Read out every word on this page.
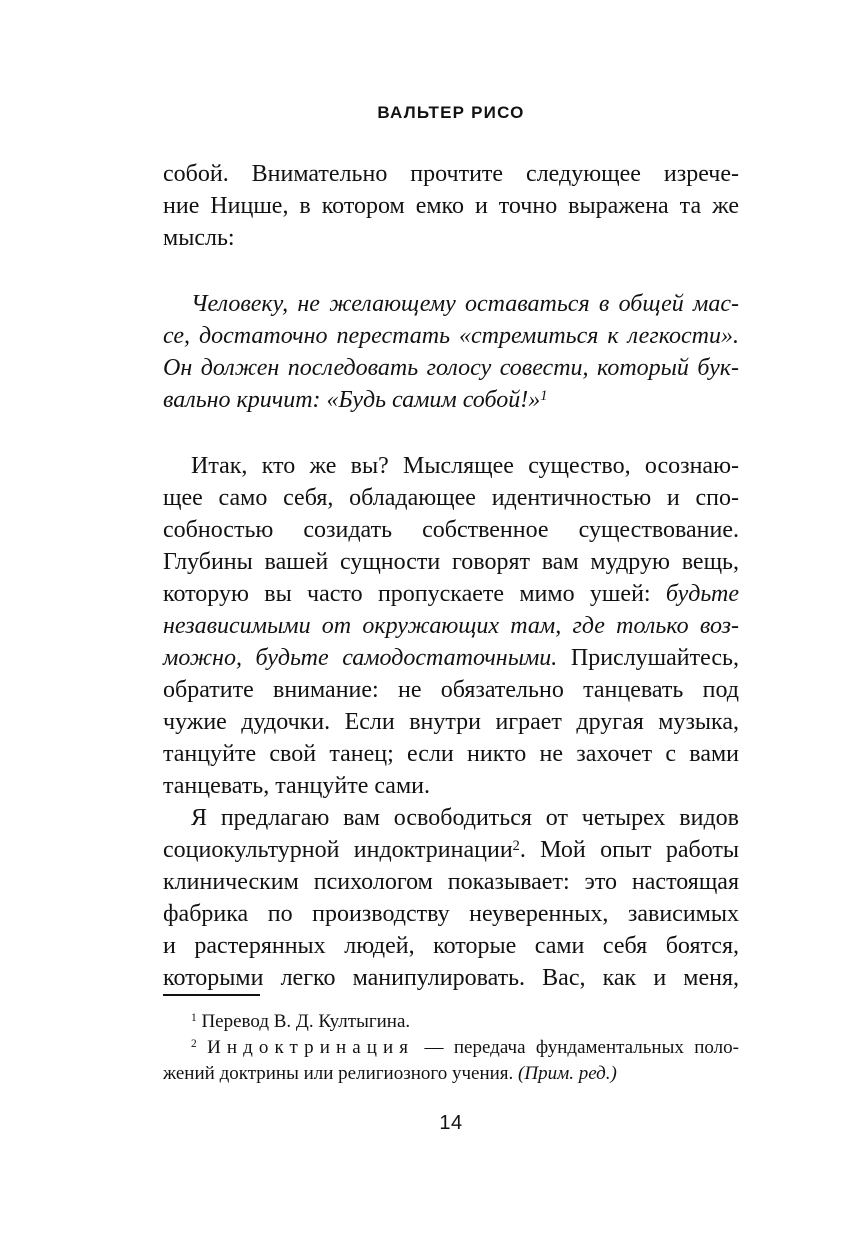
ВАЛЬТЕР РИСО
собой. Внимательно прочтите следующее изрече-
ние Ницше, в котором емко и точно выражена та же
мысль:
Человеку, не желающему оставаться в общей мас-
се, достаточно перестать «стремиться к легкости».
Он должен последовать голосу совести, который бук-
вально кричит: «Будь самим собой!»$^1$
Итак, кто же вы? Мыслящее существо, осознаю-
щее само себя, обладающее идентичностью и спо-
собностью созидать собственное существование.
Глубины вашей сущности говорят вам мудрую вещь,
которую вы часто пропускаете мимо ушей: будьте
независимыми от окружающих там, где только воз-
можно, будьте самодостаточными. Прислушайтесь,
обратите внимание: не обязательно танцевать под
чужие дудочки. Если внутри играет другая музыка,
танцуйте свой танец; если никто не захочет с вами
танцевать, танцуйте сами.
Я предлагаю вам освободиться от четырех видов
социокультурной индоктринации$^2$. Мой опыт работы
клиническим психологом показывает: это настоящая
фабрика по производству неуверенных, зависимых
и растерянных людей, которые сами себя боятся,
которыми легко манипулировать. Вас, как и меня,
$^1$ Перевод В. Д. Култыгина.
$^2$ Индоктринация — передача фундаментальных поло-
жений доктрины или религиозного учения. (Прим. ред.)
14
